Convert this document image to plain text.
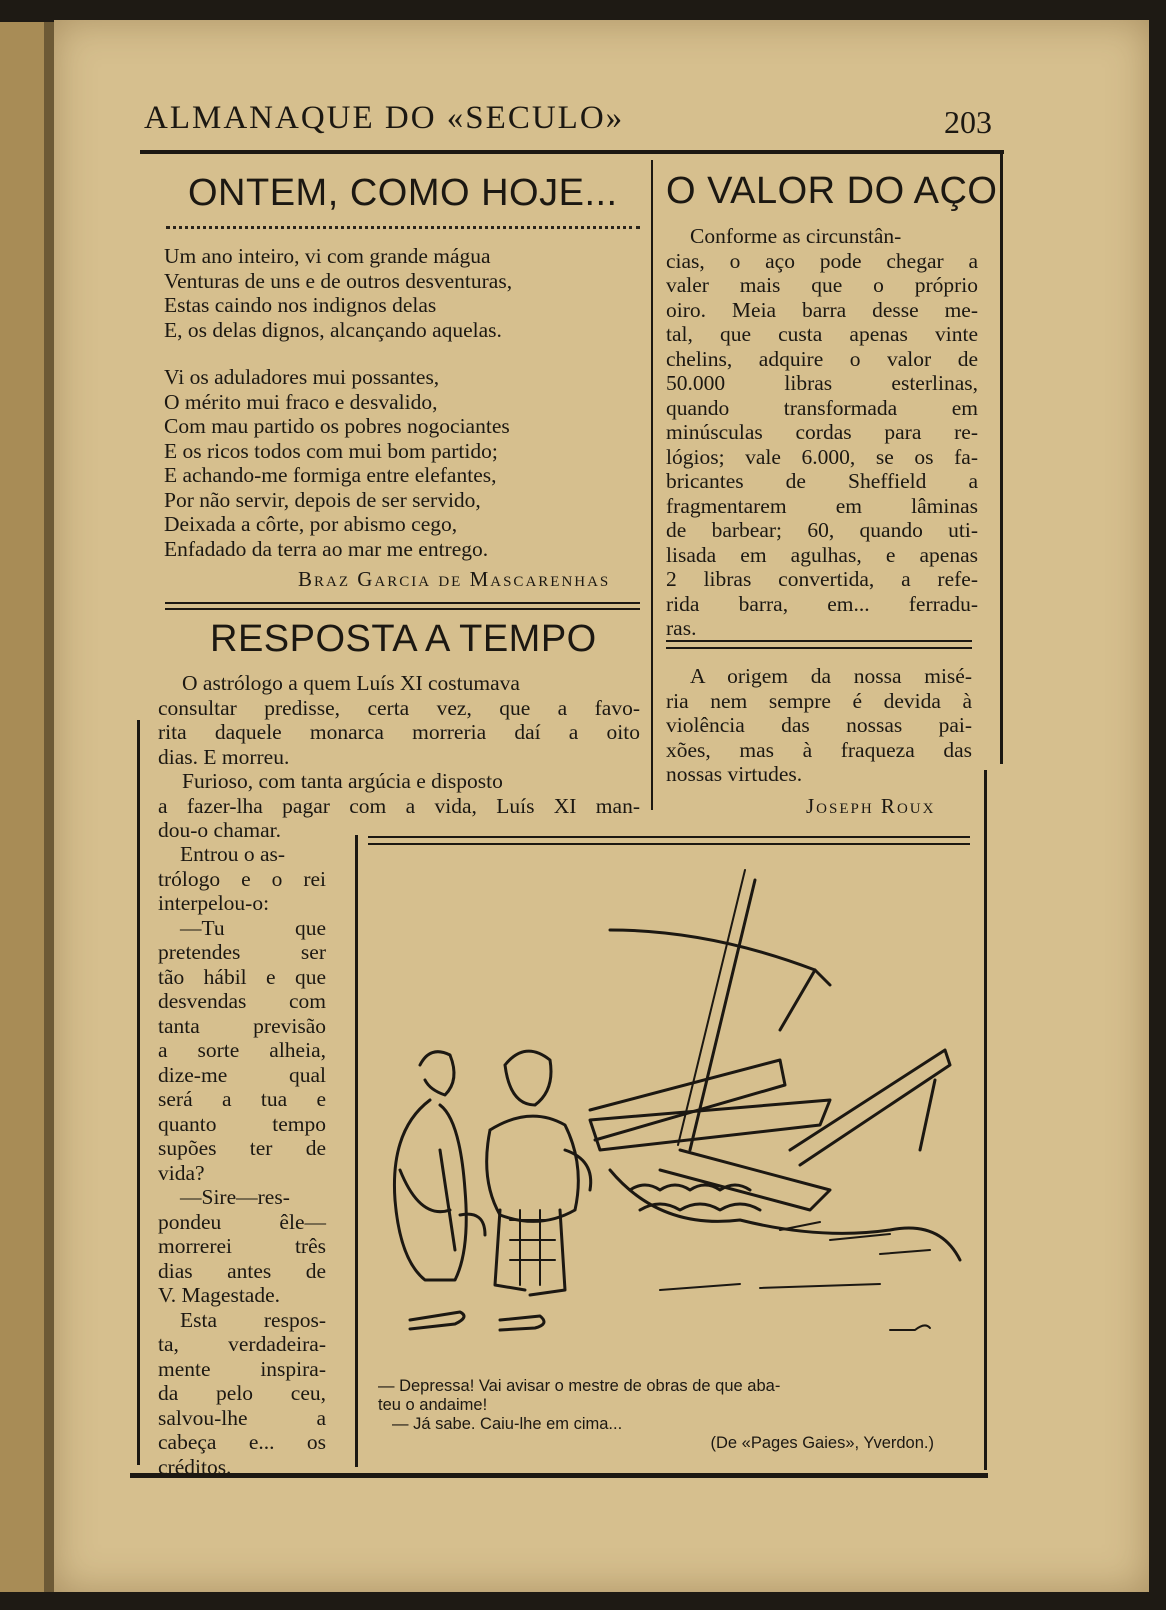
ALMANAQUE DO «SECULO»	203
ONTEM, COMO HOJE...
Um ano inteiro, vi com grande mágua
Venturas de uns e de outros desventuras,
Estas caindo nos indignos delas
E, os delas dignos, alcançando aquelas.
Vi os aduladores mui possantes,
O mérito mui fraco e desvalido,
Com mau partido os pobres nogociantes
E os ricos todos com mui bom partido;
E achando-me formiga entre elefantes,
Por não servir, depois de ser servido,
Deixada a côrte, por abismo cego,
Enfadado da terra ao mar me entrego.
Braz Garcia de Mascarenhas
RESPOSTA A TEMPO
O astrólogo a quem Luís XI costumava
consultar predisse, certa vez, que a favo-
rita daquele monarca morreria daí a oito
dias. E morreu.
Furioso, com tanta argúcia e disposto
a fazer-lha pagar com a vida, Luís XI man-
dou-o chamar.
Entrou o as-
trólogo e o rei
interpelou-o:
—Tu que
pretendes ser
tão hábil e que
desvendas com
tanta previsão
a sorte alheia,
dize-me qual
será a tua e
quanto tempo
supões ter de
vida?
—Sire—res-
pondeu êle—
morrerei três
dias antes de
V. Magestade.
Esta respos-
ta, verdadeira-
mente inspira-
da pelo ceu,
salvou-lhe a
cabeça e... os
créditos.
O VALOR DO AÇO
Conforme as circunstân-
cias, o aço pode chegar a
valer mais que o próprio
oiro. Meia barra desse me-
tal, que custa apenas vinte
chelins, adquire o valor de
50.000 libras esterlinas,
quando transformada em
minúsculas cordas para re-
lógios; vale 6.000, se os fa-
bricantes de Sheffield a
fragmentarem em lâminas
de barbear; 60, quando uti-
lisada em agulhas, e apenas
2 libras convertida, a refe-
rida barra, em... ferradu-
ras.
A origem da nossa misé-
ria nem sempre é devida à
violência das nossas pai-
xões, mas à fraqueza das
nossas virtudes.
Joseph Roux
— Depressa! Vai avisar o mestre de obras de que aba-
teu o andaime!
— Já sabe. Caiu-lhe em cima...
(De «Pages Gaies», Yverdon.)
